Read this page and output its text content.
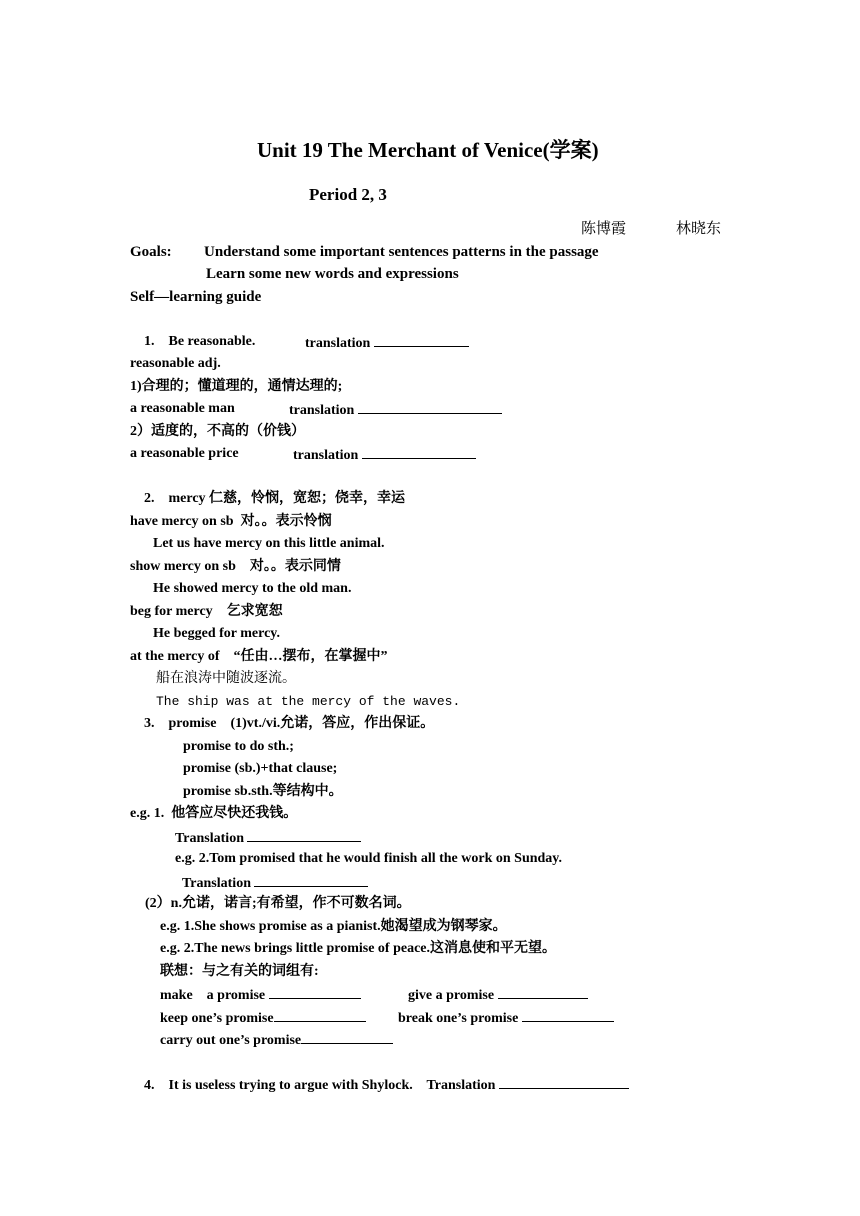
Unit 19 The Merchant of Venice(学案)
Period 2, 3
陈博霞	林晓东
Goals: Understand some important sentences patterns in the passage
Learn some new words and expressions
Self—learning guide
1.    Be reasonable.	translation
reasonable adj.
1)合理的；懂道理的，通情达理的;
a reasonable man	translation
2）适度的，不高的（价钱）
a reasonable price	translation
2.    mercy 仁慈，怜悯，宽恕；侥幸，幸运
have mercy on sb  对。。表示怜悯
Let us have mercy on this little animal.
show mercy on sb    对。。表示同情
He showed mercy to the old man.
beg for mercy    乞求宽恕
He begged for mercy.
at the mercy of    “任由…摆布，在掌握中”
船在浪涛中随波逐流。
The ship was at the mercy of the waves.
3.    promise    (1)vt./vi.允诺，答应，作出保证。
promise to do sth.;
promise (sb.)+that clause;
promise sb.sth.等结构中。
e.g. 1.  他答应尽快还我钱。
Translation
e.g. 2.Tom promised that he would finish all the work on Sunday.
Translation
(2）n.允诺，诺言;有希望，作不可数名词。
e.g. 1.She shows promise as a pianist.她渴望成为钢琴家。
e.g. 2.The news brings little promise of peace.这消息使和平无望。
联想：与之有关的词组有:
make    a promise	give a promise
keep one’s promise	break one’s promise
carry out one’s promise
4.    It is useless trying to argue with Shylock.    Translation
